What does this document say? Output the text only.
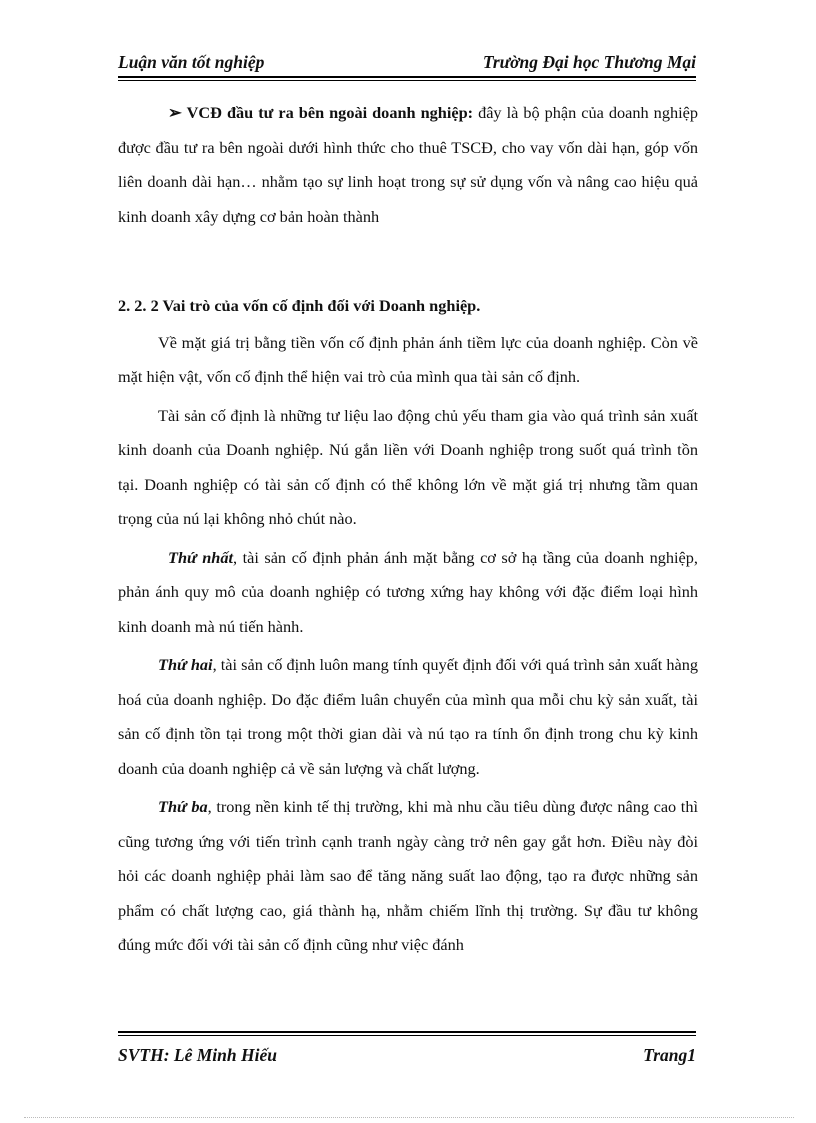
Luận văn tốt nghiệp	Trường Đại học Thương Mại

➢ VCĐ đầu tư ra bên ngoài doanh nghiệp: đây là bộ phận của doanh nghiệp được đầu tư ra bên ngoài dưới hình thức cho thuê TSCĐ, cho vay vốn dài hạn, góp vốn liên doanh dài hạn… nhằm tạo sự linh hoạt trong sự sử dụng vốn và nâng cao hiệu quả kinh doanh xây dựng cơ bản hoàn thành

2. 2. 2 Vai trò của vốn cố định đối với Doanh nghiệp.

Về mặt giá trị bằng tiền vốn cố định phản ánh tiềm lực của doanh nghiệp. Còn về mặt hiện vật, vốn cố định thể hiện vai trò của mình qua tài sản cố định.

Tài sản cố định là những tư liệu lao động chủ yếu tham gia vào quá trình sản xuất kinh doanh của Doanh nghiệp. Nú gắn liền với Doanh nghiệp trong suốt quá trình tồn tại. Doanh nghiệp có tài sản cố định có thể không lớn về mặt giá trị nhưng tầm quan trọng của nú lại không nhỏ chút nào.

Thứ nhất, tài sản cố định phản ánh mặt bằng cơ sở hạ tầng của doanh nghiệp, phản ánh quy mô của doanh nghiệp có tương xứng hay không với đặc điểm loại hình kinh doanh mà nú tiến hành.

Thứ hai, tài sản cố định luôn mang tính quyết định đối với quá trình sản xuất hàng hoá của doanh nghiệp. Do đặc điểm luân chuyển của mình qua mỗi chu kỳ sản xuất, tài sản cố định tồn tại trong một thời gian dài và nú tạo ra tính ổn định trong chu kỳ kinh doanh của doanh nghiệp cả về sản lượng và chất lượng.

Thứ ba, trong nền kinh tế thị trường, khi mà nhu cầu tiêu dùng được nâng cao thì cũng tương ứng với tiến trình cạnh tranh ngày càng trở nên gay gắt hơn. Điều này đòi hỏi các doanh nghiệp phải làm sao để tăng năng suất lao động, tạo ra được những sản phẩm có chất lượng cao, giá thành hạ, nhằm chiếm lĩnh thị trường. Sự đầu tư không đúng mức đối với tài sản cố định cũng như việc đánh

SVTH: Lê Minh Hiếu	Trang1
